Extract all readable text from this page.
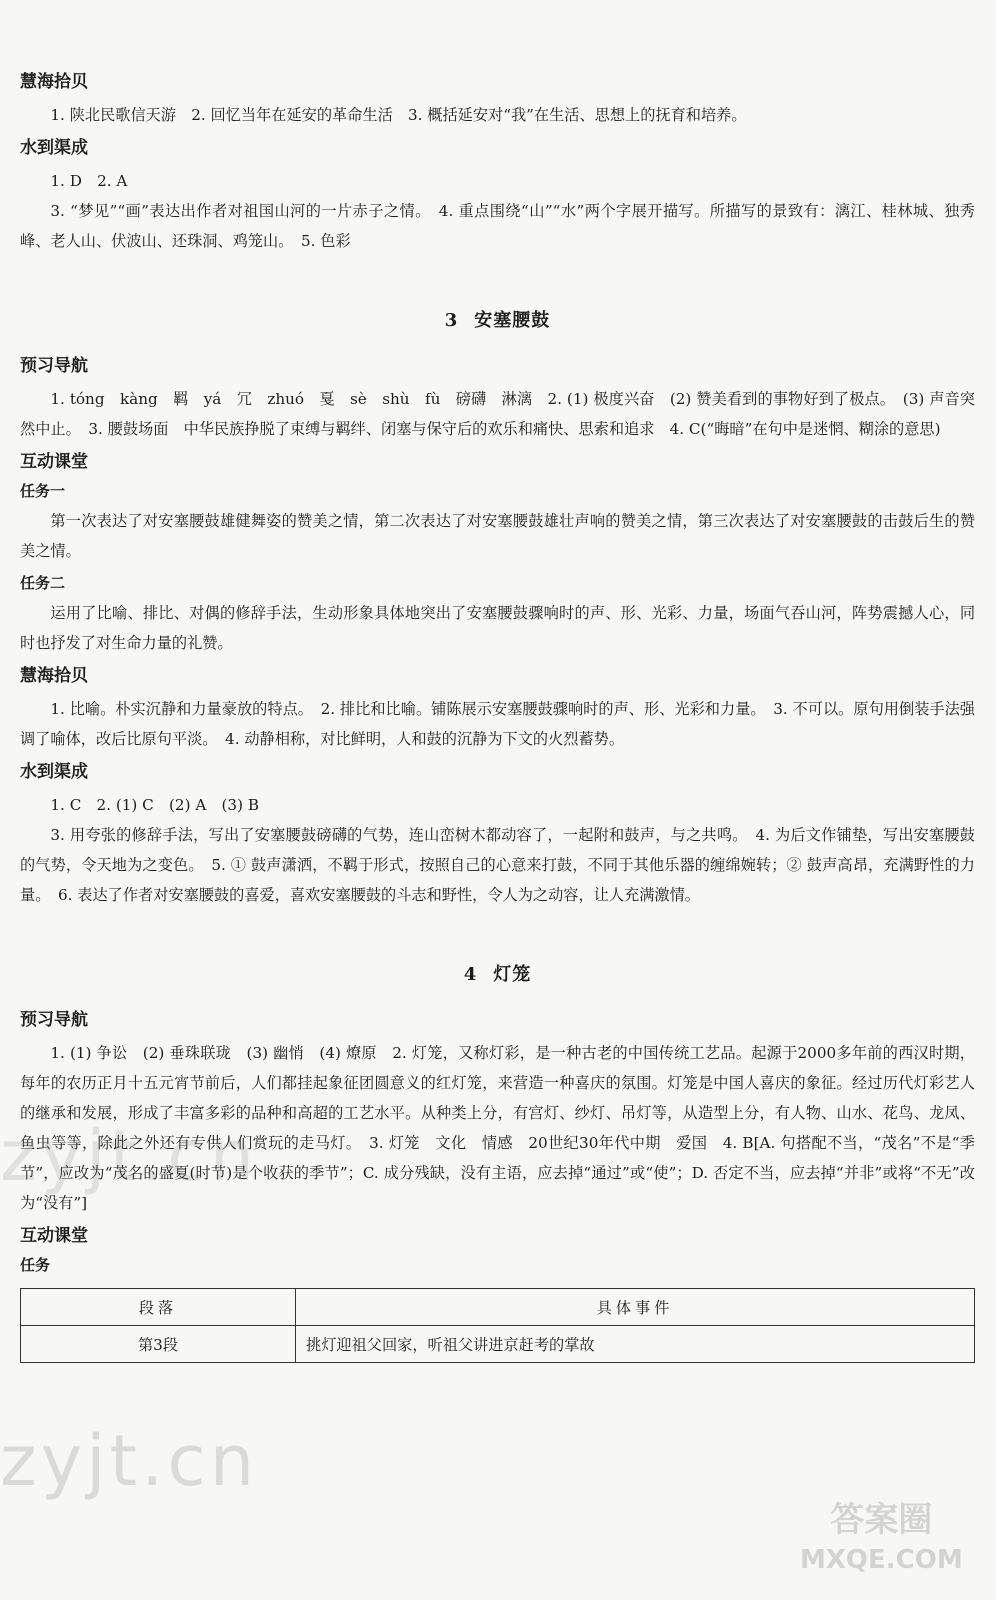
慧海拾贝

1. 陕北民歌信天游　2. 回忆当年在延安的革命生活　3. 概括延安对“我”在生活、思想上的抚育和培养。

水到渠成

1. D　2. A

3. “梦见”“画”表达出作者对祖国山河的一片赤子之情。　4. 重点围绕“山”“水”两个字展开描写。所描写的景致有：漓江、桂林城、独秀峰、老人山、伏波山、还珠洞、鸡笼山。　5. 色彩

3 安塞腰鼓
预习导航

1. tóng　kàng　羁　yá　冗　zhuó　戛　sè　shù　fù　磅礴　淋漓　2. (1) 极度兴奋　(2) 赞美看到的事物好到了极点。　(3) 声音突然中止。　3. 腰鼓场面　中华民族挣脱了束缚与羁绊、闭塞与保守后的欢乐和痛快、思索和追求　4. C(“晦暗”在句中是迷惘、糊涂的意思)

互动课堂
任务一

第一次表达了对安塞腰鼓雄健舞姿的赞美之情，第二次表达了对安塞腰鼓雄壮声响的赞美之情，第三次表达了对安塞腰鼓的击鼓后生的赞美之情。

任务二

运用了比喻、排比、对偶的修辞手法，生动形象具体地突出了安塞腰鼓骤响时的声、形、光彩、力量，场面气吞山河，阵势震撼人心，同时也抒发了对生命力量的礼赞。

慧海拾贝

1. 比喻。朴实沉静和力量豪放的特点。　2. 排比和比喻。铺陈展示安塞腰鼓骤响时的声、形、光彩和力量。　3. 不可以。原句用倒装手法强调了喻体，改后比原句平淡。　4. 动静相称，对比鲜明，人和鼓的沉静为下文的火烈蓄势。

水到渠成

1. C　2. (1) C　(2) A　(3) B

3. 用夸张的修辞手法，写出了安塞腰鼓磅礴的气势，连山峦树木都动容了，一起附和鼓声，与之共鸣。　4. 为后文作铺垫，写出安塞腰鼓的气势，令天地为之变色。　5. ① 鼓声潇洒，不羁于形式，按照自己的心意来打鼓，不同于其他乐器的缠绵婉转；② 鼓声高昂，充满野性的力量。　6. 表达了作者对安塞腰鼓的喜爱，喜欢安塞腰鼓的斗志和野性，令人为之动容，让人充满激情。

4 灯笼
预习导航

1. (1) 争讼　(2) 垂珠联珑　(3) 幽悄　(4) 燎原　2. 灯笼，又称灯彩，是一种古老的中国传统工艺品。起源于2000多年前的西汉时期，每年的农历正月十五元宵节前后，人们都挂起象征团圆意义的红灯笼，来营造一种喜庆的氛围。灯笼是中国人喜庆的象征。经过历代灯彩艺人的继承和发展，形成了丰富多彩的品种和高超的工艺水平。从种类上分，有宫灯、纱灯、吊灯等，从造型上分，有人物、山水、花鸟、龙凤、鱼虫等等，除此之外还有专供人们赏玩的走马灯。　3. 灯笼　文化　情感　20世纪30年代中期　爱国　4. B[A. 句搭配不当，“茂名”不是“季节”，应改为“茂名的盛夏(时节)是个收获的季节”；C. 成分残缺，没有主语，应去掉“通过”或“使”；D. 否定不当，应去掉“并非”或将“不无”改为“没有”]

互动课堂
任务
段落	具体事件
第3段	挑灯迎祖父回家，听祖父讲进京赶考的掌故
zyjt.cn
zyjt.cn
答案圈
MXQE.COM
